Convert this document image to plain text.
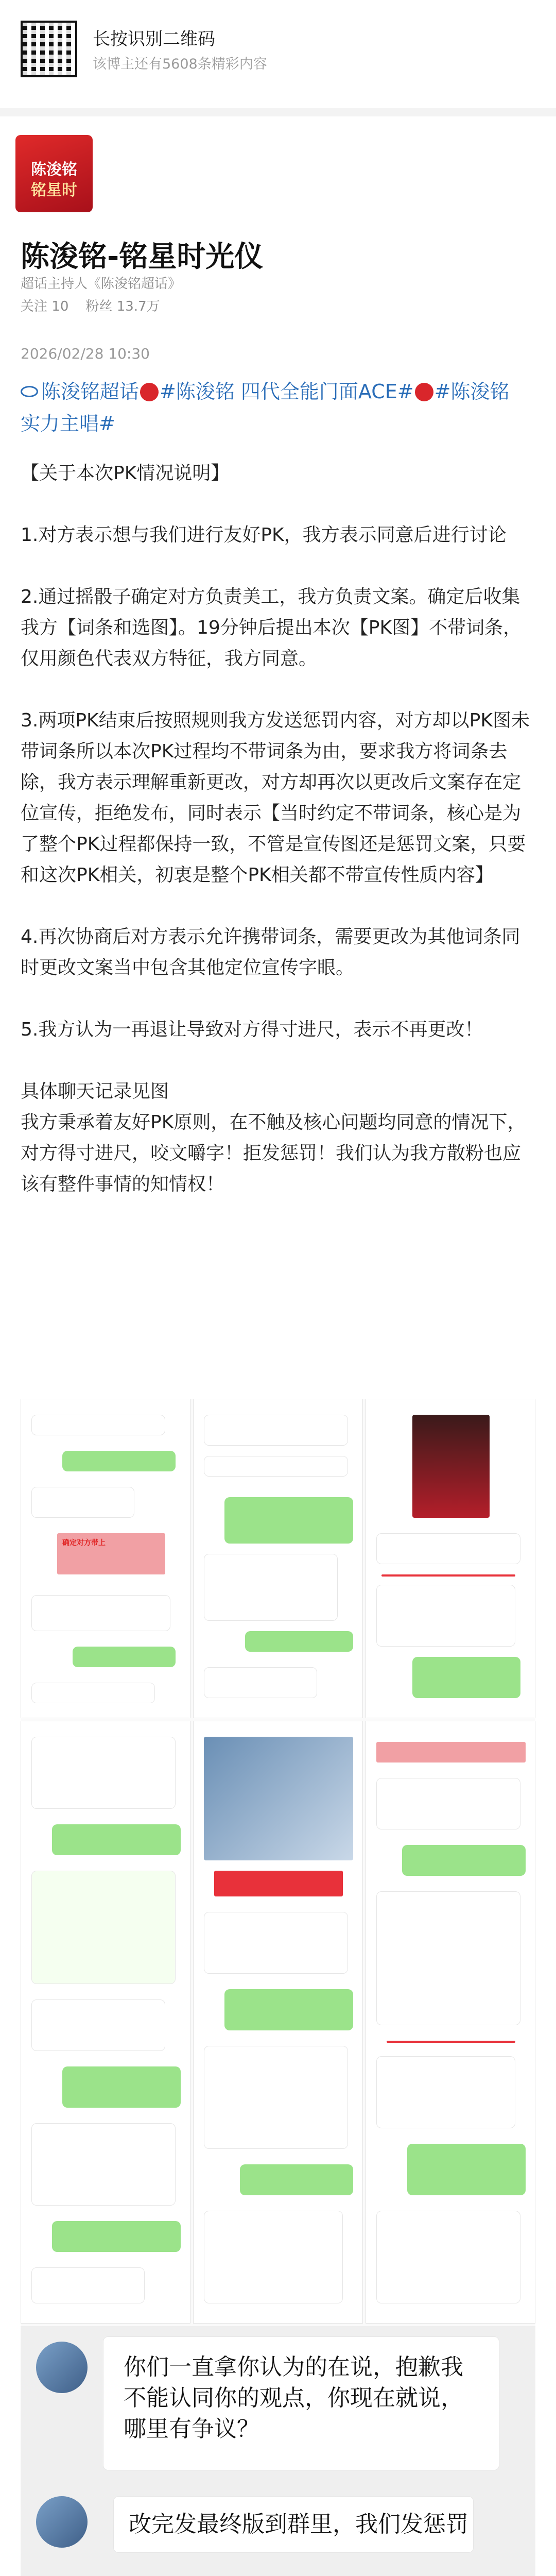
长按识别二维码
该博主还有5608条精彩内容
陈浚铭
铭星时
陈浚铭-铭星时光仪
超话主持人《陈浚铭超话》
关注 10 粉丝 13.7万
2026/02/28 10:30
陈浚铭超话 #陈浚铭 四代全能门面ACE# #陈浚铭
实力主唱#

【关于本次PK情况说明】

1.对方表示想与我们进行友好PK，我方表示同意后进行讨论

2.通过摇骰子确定对方负责美工，我方负责文案。确定后收集我方【词条和选图】。19分钟后提出本次【PK图】不带词条，仅用颜色代表双方特征，我方同意。

3.两项PK结束后按照规则我方发送惩罚内容，对方却以PK图未带词条所以本次PK过程均不带词条为由，要求我方将词条去除，我方表示理解重新更改，对方却再次以更改后文案存在定位宣传，拒绝发布，同时表示【当时约定不带词条，核心是为了整个PK过程都保持一致，不管是宣传图还是惩罚文案，只要和这次PK相关，初衷是整个PK相关都不带宣传性质内容】

4.再次协商后对方表示允许携带词条，需要更改为其他词条同时更改文案当中包含其他定位宣传字眼。

5.我方认为一再退让导致对方得寸进尺，表示不再更改！

具体聊天记录见图

我方秉承着友好PK原则，在不触及核心问题均同意的情况下，对方得寸进尺，咬文嚼字！拒发惩罚！我们认为我方散粉也应该有整件事情的知情权！

确定对方带上
你们一直拿你认为的在说，抱歉我不能认同你的观点，你现在就说，哪里有争议？
改完发最终版到群里，我们发惩罚
